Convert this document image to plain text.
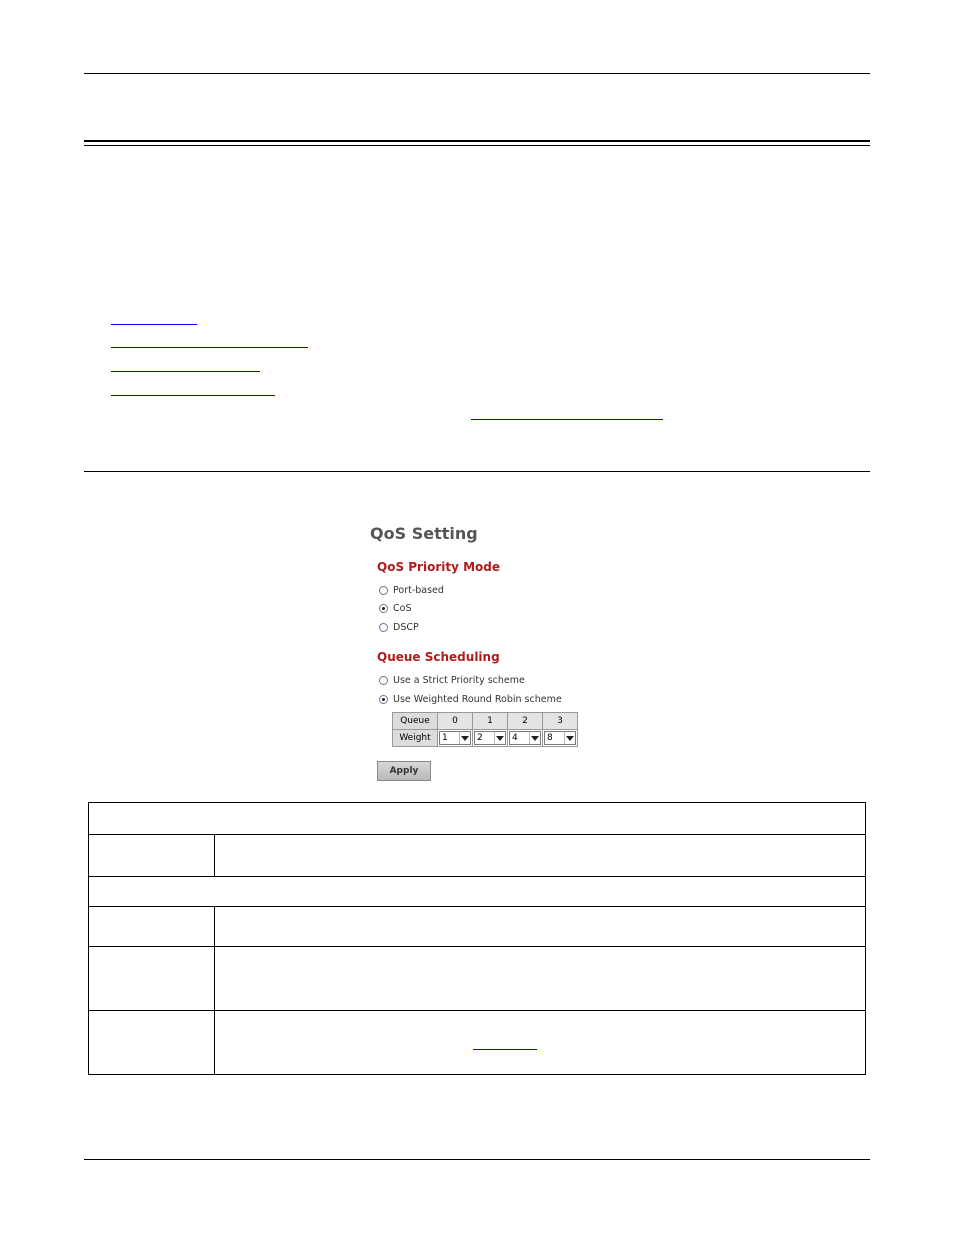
QoS Setting
QoS Priority Mode
Port-based
CoS
DSCP
Queue Scheduling
Use a Strict Priority scheme
Use Weighted Round Robin scheme
Queue	0	1	2	3
Weight	1	2	4	8
Apply
